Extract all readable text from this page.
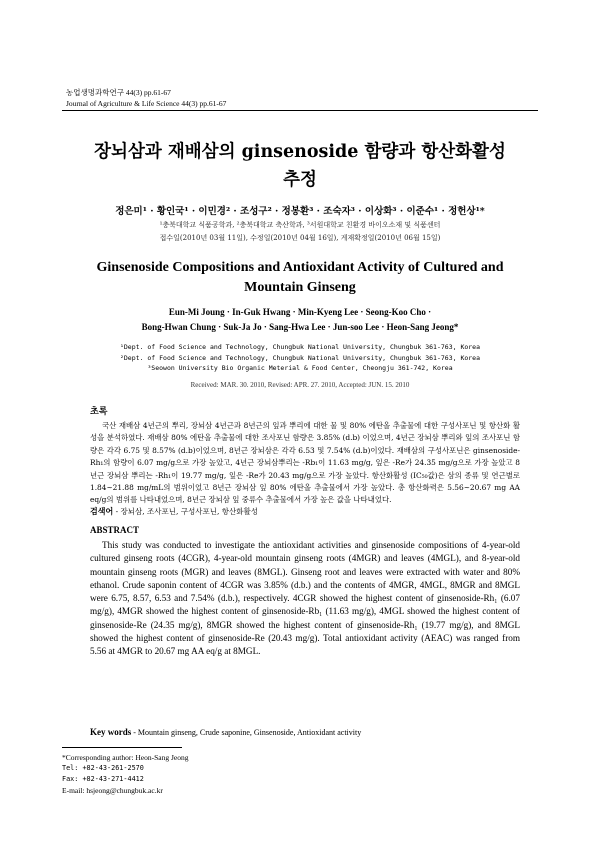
농업생명과학연구 44(3) pp.61-67
Journal of Agriculture & Life Science 44(3) pp.61-67
장뇌삼과 재배삼의 ginsenoside 함량과 항산화활성
추정
정은미¹ · 황인국¹ · 이민경² · 조성구² · 정봉환³ · 조숙자³ · 이상화³ · 이준수¹ · 정헌상¹*
¹충북대학교 식품공학과, ²충북대학교 축산학과, ³서원대학교 친환경 바이오소재 및 식품센터
접수일(2010년 03월 11일), 수정일(2010년 04월 16일), 게재확정일(2010년 06월 15일)
Ginsenoside Compositions and Antioxidant Activity of Cultured and
Mountain Ginseng
Eun-Mi Joung · In-Guk Hwang · Min-Kyeng Lee · Seong-Koo Cho ·
Bong-Hwan Chung · Suk-Ja Jo · Sang-Hwa Lee · Jun-soo Lee · Heon-Sang Jeong*
¹Dept. of Food Science and Technology, Chungbuk National University, Chungbuk 361-763, Korea
²Dept. of Food Science and Technology, Chungbuk National University, Chungbuk 361-763, Korea
³Seowon University Bio Organic Meterial & Food Center, Cheongju 361-742, Korea
Received: MAR. 30. 2010, Revised: APR. 27. 2010, Accepted: JUN. 15. 2010
초록
국산 재배삼 4년근의 뿌리, 장뇌삼 4년근과 8년근의 잎과 뿌리에 대한 물 및 80% 에탄올 추출물에 대한 구성사포닌 및 항산화 활성을 분석하였다. 재배삼 80% 에탄올 추출물에 대한 조사포닌 함량은 3.85% (d.b) 이었으며, 4년근 장뇌삼 뿌리와 잎의 조사포닌 함량은 각각 6.75 및 8.57% (d.b)이었으며, 8년근 장뇌삼은 각각 6.53 및 7.54% (d.b)이었다. 재배삼의 구성사포닌은 ginsenoside-Rh₁의 함량이 6.07 mg/g으로 가장 높았고, 4년근 장뇌삼뿌리는 -Rb₁이 11.63 mg/g, 잎은 -Re가 24.35 mg/g으로 가장 높았고 8년근 장뇌삼 뿌리는 -Rh₁이 19.77 mg/g, 잎은 -Re가 20.43 mg/g으로 가장 높았다. 항산화활성 (IC₅₀값)은 삼의 종류 및 연근별로 1.84~21.88 mg/mL의 범위이었고 8년근 장뇌삼 잎 80% 에탄올 추출물에서 가장 높았다. 총 항산화력은 5.56~20.67 mg AA eq/g의 범위를 나타내었으며, 8년근 장뇌삼 잎 중류수 추출물에서 가장 높은 값을 나타내었다.
검색어 - 장뇌삼, 조사포닌, 구성사포닌, 항산화활성
ABSTRACT
This study was conducted to investigate the antioxidant activities and ginsenoside compositions of 4-year-old cultured ginseng roots (4CGR), 4-year-old mountain ginseng roots (4MGR) and leaves (4MGL), and 8-year-old mountain ginseng roots (MGR) and leaves (8MGL). Ginseng root and leaves were extracted with water and 80% ethanol. Crude saponin content of 4CGR was 3.85% (d.b.) and the contents of 4MGR, 4MGL, 8MGR and 8MGL were 6.75, 8.57, 6.53 and 7.54% (d.b.), respectively. 4CGR showed the highest content of ginsenoside-Rh₁ (6.07 mg/g), 4MGR showed the highest content of ginsenoside-Rb₁ (11.63 mg/g), 4MGL showed the highest content of ginsenoside-Re (24.35 mg/g), 8MGR showed the highest content of ginsenoside-Rh₁ (19.77 mg/g), and 8MGL showed the highest content of ginsenoside-Re (20.43 mg/g). Total antioxidant activity (AEAC) was ranged from 5.56 at 4MGR to 20.67 mg AA eq/g at 8MGL.
Key words - Mountain ginseng, Crude saponine, Ginsenoside, Antioxidant activity
*Corresponding author: Heon-Sang Jeong
Tel: +82-43-261-2570
Fax: +82-43-271-4412
E-mail: hsjeong@chungbuk.ac.kr
